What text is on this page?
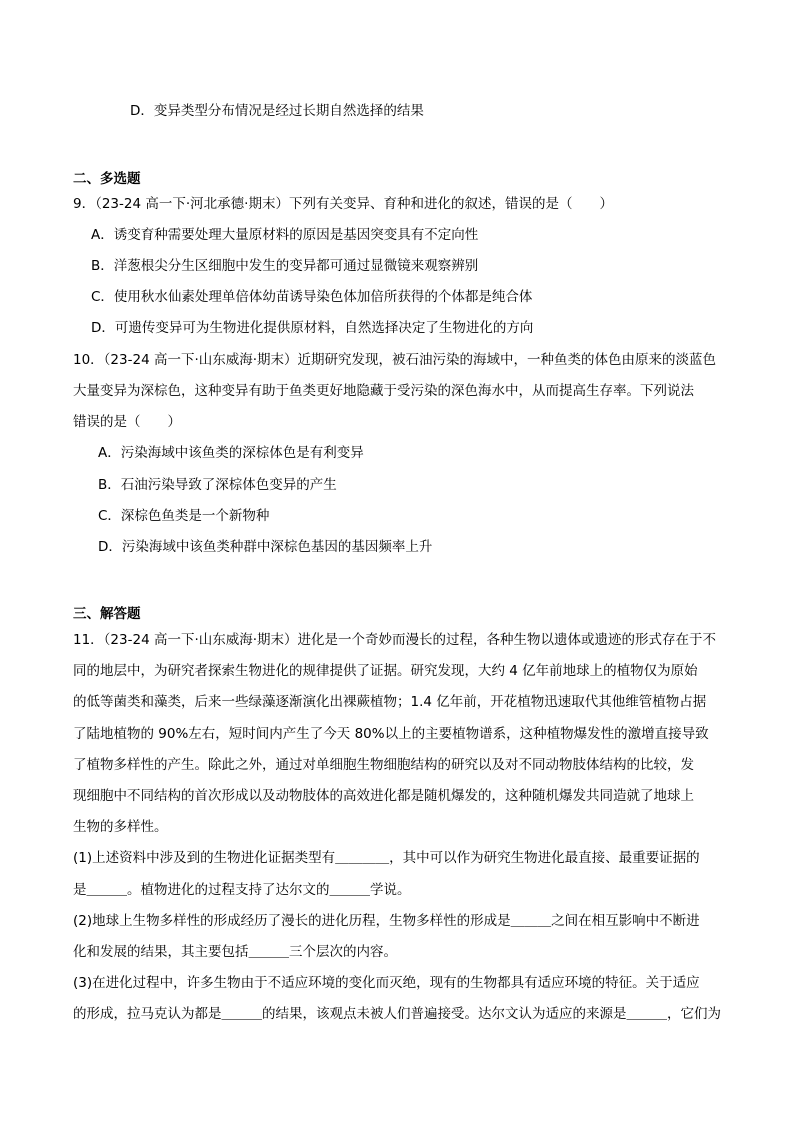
D．变异类型分布情况是经过长期自然选择的结果
二、多选题
9．（23-24 高一下·河北承德·期末）下列有关变异、育种和进化的叙述，错误的是（　　）
A．诱变育种需要处理大量原材料的原因是基因突变具有不定向性
B．洋葱根尖分生区细胞中发生的变异都可通过显微镜来观察辨别
C．使用秋水仙素处理单倍体幼苗诱导染色体加倍所获得的个体都是纯合体
D．可遗传变异可为生物进化提供原材料，自然选择决定了生物进化的方向
10．（23-24 高一下·山东威海·期末）近期研究发现，被石油污染的海域中，一种鱼类的体色由原来的淡蓝色
大量变异为深棕色，这种变异有助于鱼类更好地隐藏于受污染的深色海水中，从而提高生存率。下列说法
错误的是（　　）
A．污染海域中该鱼类的深棕体色是有利变异
B．石油污染导致了深棕体色变异的产生
C．深棕色鱼类是一个新物种
D．污染海域中该鱼类种群中深棕色基因的基因频率上升
三、解答题
11．（23-24 高一下·山东威海·期末）进化是一个奇妙而漫长的过程，各种生物以遗体或遗迹的形式存在于不
同的地层中，为研究者探索生物进化的规律提供了证据。研究发现，大约 4 亿年前地球上的植物仅为原始
的低等菌类和藻类，后来一些绿藻逐渐演化出裸蕨植物；1.4 亿年前，开花植物迅速取代其他维管植物占据
了陆地植物的 90%左右，短时间内产生了今天 80%以上的主要植物谱系，这种植物爆发性的激增直接导致
了植物多样性的产生。除此之外，通过对单细胞生物细胞结构的研究以及对不同动物肢体结构的比较，发
现细胞中不同结构的首次形成以及动物肢体的高效进化都是随机爆发的，这种随机爆发共同造就了地球上
生物的多样性。
(1)上述资料中涉及到的生物进化证据类型有＿＿＿＿，其中可以作为研究生物进化最直接、最重要证据的
是＿＿＿。植物进化的过程支持了达尔文的＿＿＿学说。
(2)地球上生物多样性的形成经历了漫长的进化历程，生物多样性的形成是＿＿＿之间在相互影响中不断进
化和发展的结果，其主要包括＿＿＿三个层次的内容。
(3)在进化过程中，许多生物由于不适应环境的变化而灭绝，现有的生物都具有适应环境的特征。关于适应
的形成，拉马克认为都是＿＿＿的结果，该观点未被人们普遍接受。达尔文认为适应的来源是＿＿＿，它们为
